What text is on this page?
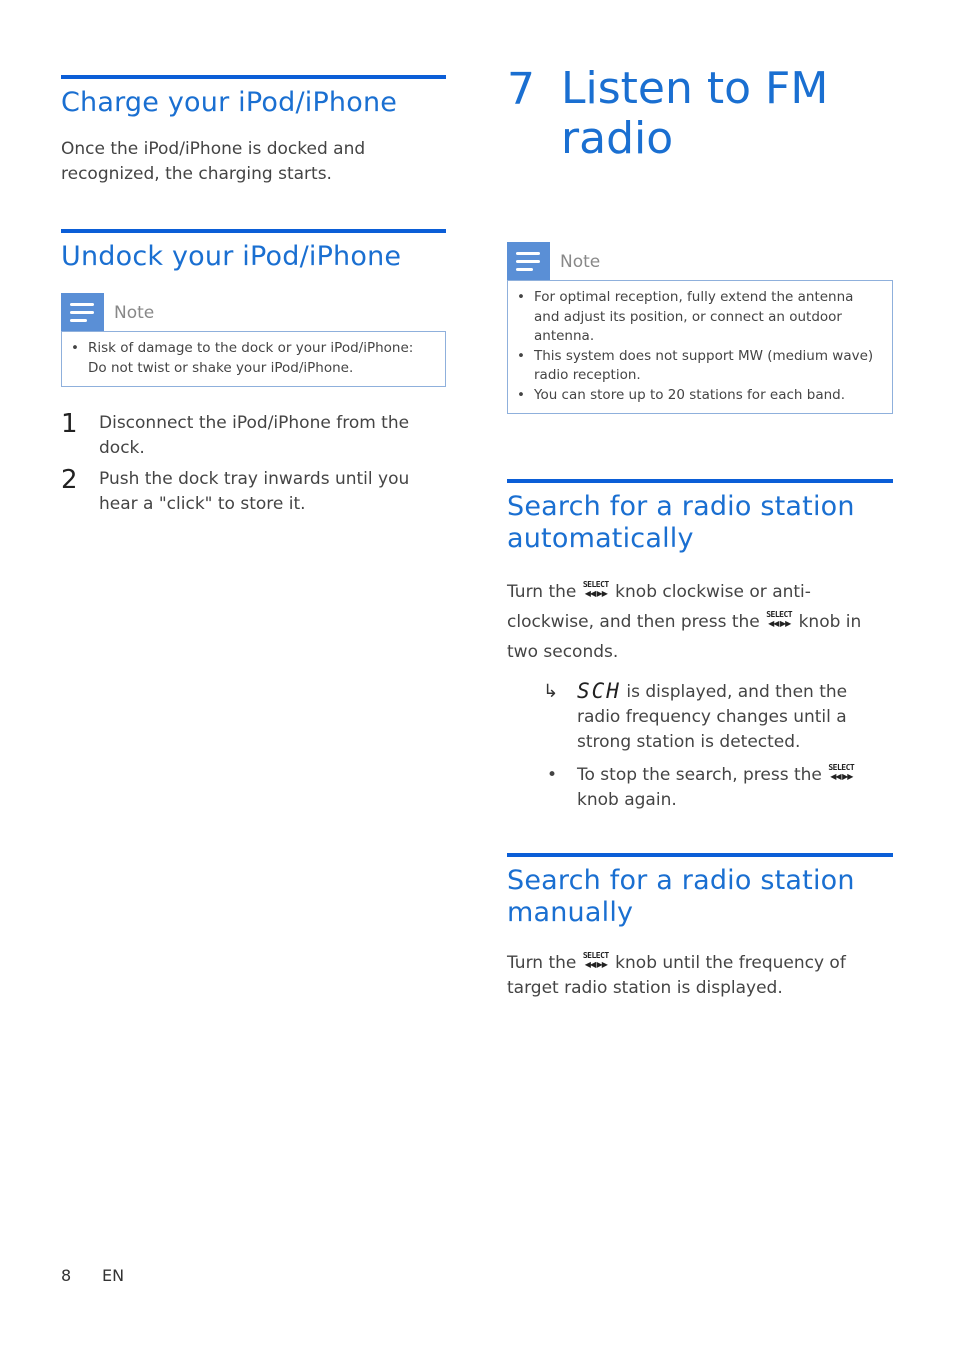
Charge your iPod/iPhone

Once the iPod/iPhone is docked and recognized, the charging starts.

Undock your iPod/iPhone
Note
• Risk of damage to the dock or your iPod/iPhone: Do not twist or shake your iPod/iPhone.
1	Disconnect the iPod/iPhone from the dock.
2	Push the dock tray inwards until you hear a "click" to store it.
7 Listen to FM radio
Note
• For optimal reception, fully extend the antenna and adjust its position, or connect an outdoor antenna.
• This system does not support MW (medium wave) radio reception.
• You can store up to 20 stations for each band.
Search for a radio station automatically

Turn the SELECT
◀◀ ▶▶ knob clockwise or anti-clockwise, and then press the SELECT
◀◀ ▶▶ knob in two seconds.

↳ SCH is displayed, and then the radio frequency changes until a strong station is detected.
•	To stop the search, press the SELECT
◀◀ ▶▶
knob again.
Search for a radio station manually

Turn the SELECT
◀◀ ▶▶ knob until the frequency of target radio station is displayed.

8	EN
